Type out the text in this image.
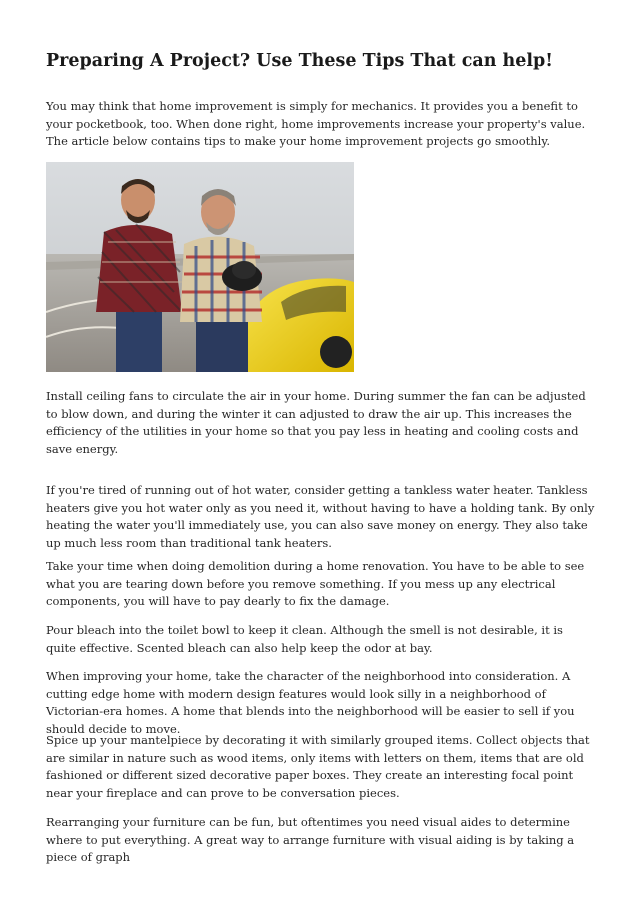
Preparing A Project? Use These Tips That can help!

You may think that home improvement is simply for mechanics. It provides you a benefit to your pocketbook, too. When done right, home improvements increase your property's value. The article below contains tips to make your home improvement projects go smoothly.

Install ceiling fans to circulate the air in your home. During summer the fan can be adjusted to blow down, and during the winter it can adjusted to draw the air up. This increases the efficiency of the utilities in your home so that you pay less in heating and cooling costs and save energy.

If you're tired of running out of hot water, consider getting a tankless water heater. Tankless heaters give you hot water only as you need it, without having to have a holding tank. By only heating the water you'll immediately use, you can also save money on energy. They also take up much less room than traditional tank heaters.

Take your time when doing demolition during a home renovation. You have to be able to see what you are tearing down before you remove something. If you mess up any electrical components, you will have to pay dearly to fix the damage.

Pour bleach into the toilet bowl to keep it clean. Although the smell is not desirable, it is quite effective. Scented bleach can also help keep the odor at bay.

When improving your home, take the character of the neighborhood into consideration. A cutting edge home with modern design features would look silly in a neighborhood of Victorian-era homes. A home that blends into the neighborhood will be easier to sell if you should decide to move.

Spice up your mantelpiece by decorating it with similarly grouped items. Collect objects that are similar in nature such as wood items, only items with letters on them, items that are old fashioned or different sized decorative paper boxes. They create an interesting focal point near your fireplace and can prove to be conversation pieces.

Rearranging your furniture can be fun, but oftentimes you need visual aides to determine where to put everything. A great way to arrange furniture with visual aiding is by taking a piece of graph
